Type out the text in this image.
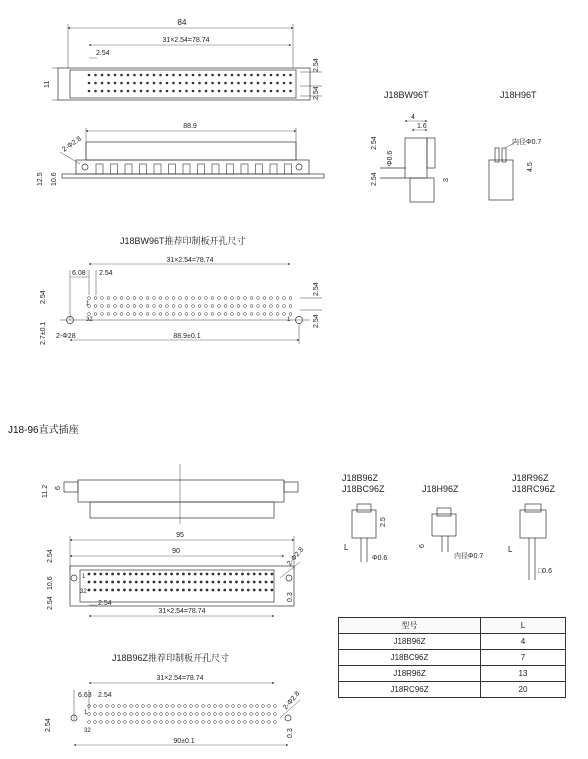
84
31×2.54=78.74
2.54
11
2.54
2.54
88.9
2-Φ2.8
12.5 10.6
J18BW96T	J18H96T
4
1.6
Φ0.6
2.54
2.54	3
内径Φ0.7
4.5
J18BW96T推荐印制板开孔尺寸
31×2.54=78.74
6.08 2.54
1
32	1
2-Φ28
2.54
2.7±0.1	88.9±0.1
2.54
2.54
11.2 6
95
90
1
32
2-Φ2.8
2.54
10.6
2.54	0.3
2.54
31×2.54=78.74
J18B96Z
J18BC96Z	J18H96Z
J18R96Z
J18RC96Z
2.5
L
Φ0.6
6
内径Φ0.7
L
□0.6
J18B96Z推荐印制板开孔尺寸
31×2.54=78.74
6.63 2.54
1
32
2-Φ2.8
2.54
90±0.1
0.3
J18-96直式插座
型号	L
J18B96Z	4
J18BC96Z	7
J18R96Z	13
J18RC96Z	20
